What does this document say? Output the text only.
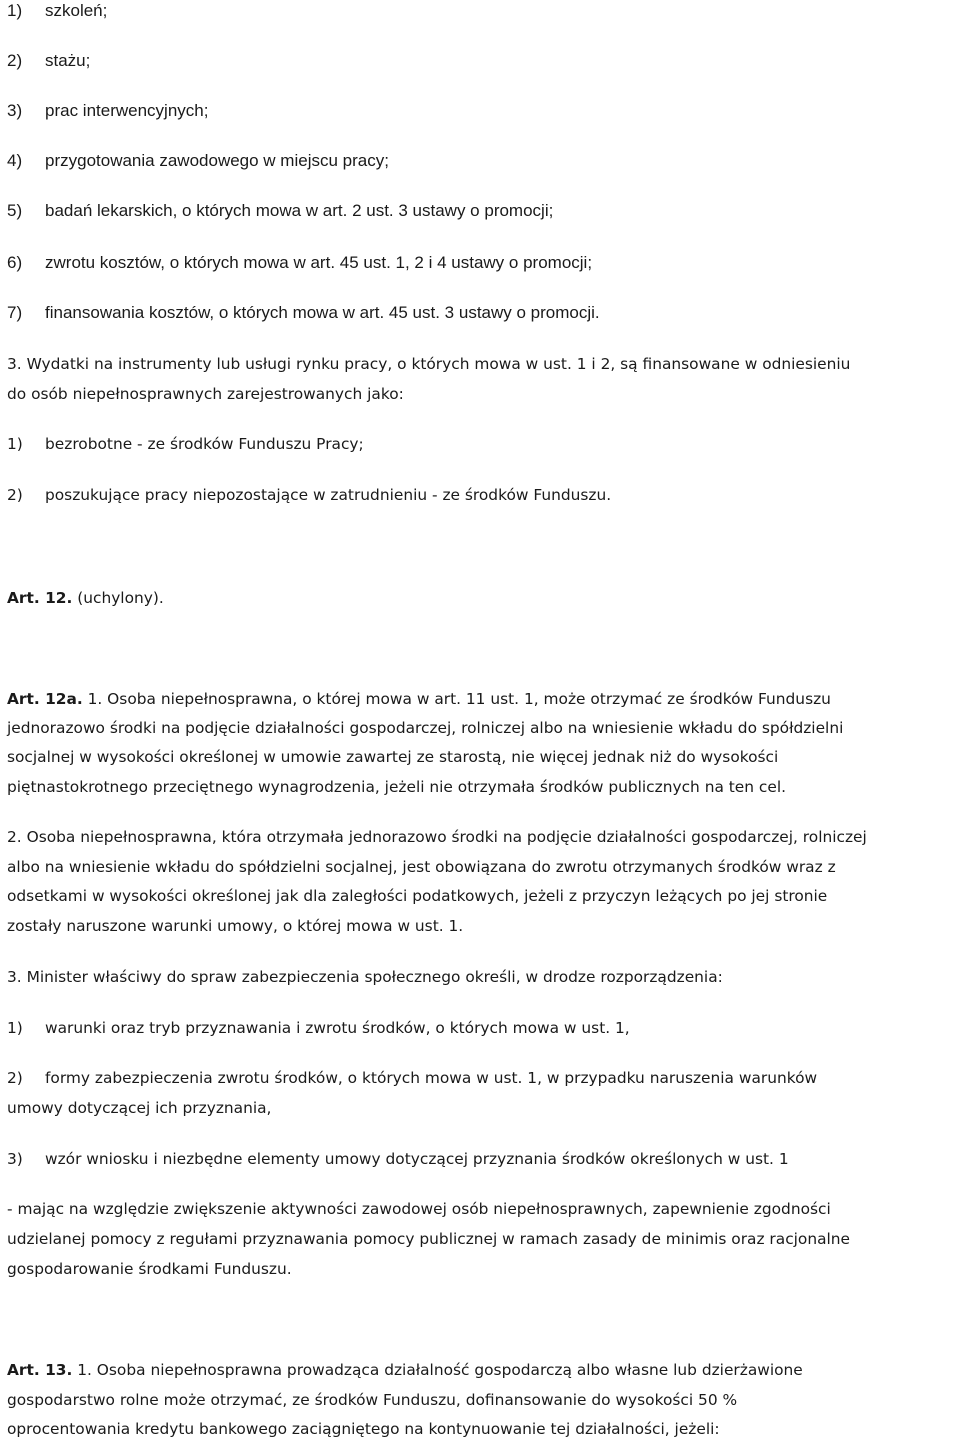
1) szkoleń;

2) stażu;

3) prac interwencyjnych;

4) przygotowania zawodowego w miejscu pracy;

5) badań lekarskich, o których mowa w art. 2 ust. 3 ustawy o promocji;

6) zwrotu kosztów, o których mowa w art. 45 ust. 1, 2 i 4 ustawy o promocji;

7) finansowania kosztów, o których mowa w art. 45 ust. 3 ustawy o promocji.

3. Wydatki na instrumenty lub usługi rynku pracy, o których mowa w ust. 1 i 2, są finansowane w odniesieniu

do osób niepełnosprawnych zarejestrowanych jako:

1) bezrobotne - ze środków Funduszu Pracy;

2) poszukujące pracy niepozostające w zatrudnieniu - ze środków Funduszu.

Art. 12. (uchylony).

Art. 12a. 1. Osoba niepełnosprawna, o której mowa w art. 11 ust. 1, może otrzymać ze środków Funduszu

jednorazowo środki na podjęcie działalności gospodarczej, rolniczej albo na wniesienie wkładu do spółdzielni

socjalnej w wysokości określonej w umowie zawartej ze starostą, nie więcej jednak niż do wysokości

piętnastokrotnego przeciętnego wynagrodzenia, jeżeli nie otrzymała środków publicznych na ten cel.

2. Osoba niepełnosprawna, która otrzymała jednorazowo środki na podjęcie działalności gospodarczej, rolniczej

albo na wniesienie wkładu do spółdzielni socjalnej, jest obowiązana do zwrotu otrzymanych środków wraz z

odsetkami w wysokości określonej jak dla zaległości podatkowych, jeżeli z przyczyn leżących po jej stronie

zostały naruszone warunki umowy, o której mowa w ust. 1.

3. Minister właściwy do spraw zabezpieczenia społecznego określi, w drodze rozporządzenia:

1) warunki oraz tryb przyznawania i zwrotu środków, o których mowa w ust. 1,

2) formy zabezpieczenia zwrotu środków, o których mowa w ust. 1, w przypadku naruszenia warunków

umowy dotyczącej ich przyznania,

3) wzór wniosku i niezbędne elementy umowy dotyczącej przyznania środków określonych w ust. 1

- mając na względzie zwiększenie aktywności zawodowej osób niepełnosprawnych, zapewnienie zgodności

udzielanej pomocy z regułami przyznawania pomocy publicznej w ramach zasady de minimis oraz racjonalne

gospodarowanie środkami Funduszu.

Art. 13. 1. Osoba niepełnosprawna prowadząca działalność gospodarczą albo własne lub dzierżawione

gospodarstwo rolne może otrzymać, ze środków Funduszu, dofinansowanie do wysokości 50 %

oprocentowania kredytu bankowego zaciągniętego na kontynuowanie tej działalności, jeżeli:
